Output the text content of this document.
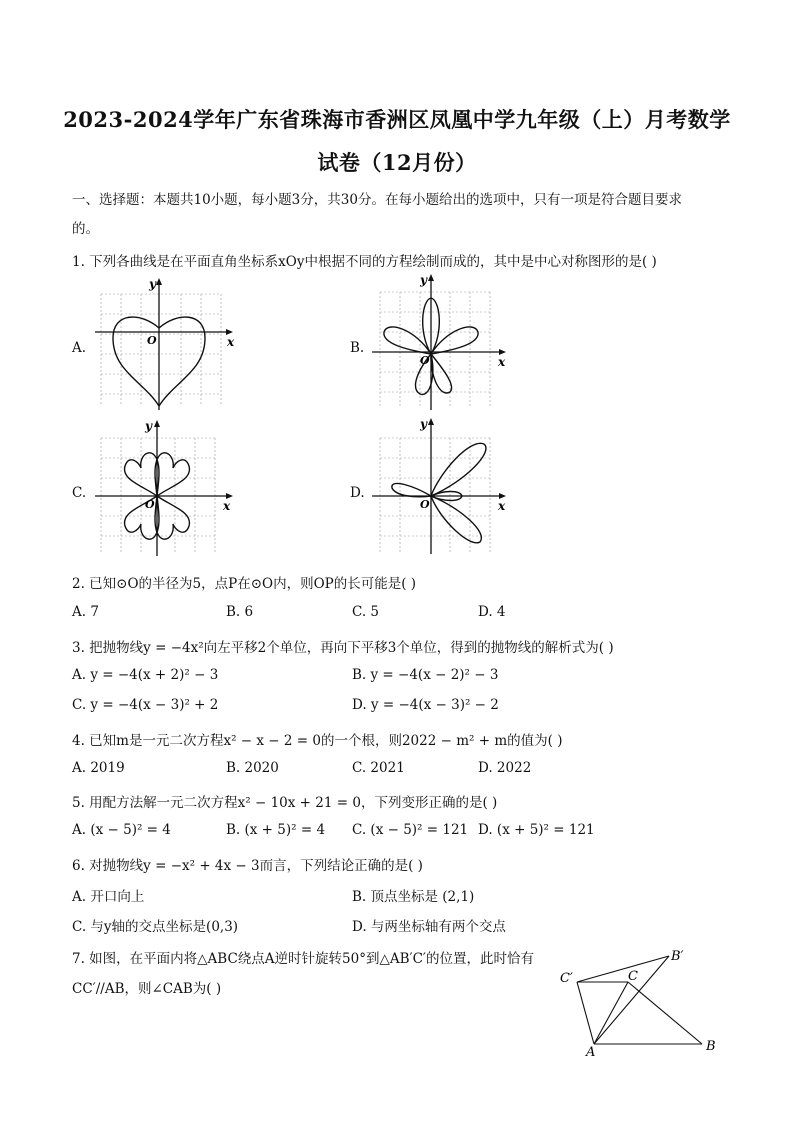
2023-2024学年广东省珠海市香洲区凤凰中学九年级（上）月考数学
试卷（12月份）
一、选择题：本题共10小题，每小题3分，共30分。在每小题给出的选项中，只有一项是符合题目要求
的。
1. 下列各曲线是在平面直角坐标系xOy中根据不同的方程绘制而成的，其中是中心对称图形的是( )
A.
y
x
O	B.
y
x
O
C.
y
x
O
D.
y
x
O
2. 已知⊙O的半径为5，点P在⊙O内，则OP的长可能是( )
A. 7	B. 6	C. 5	D. 4
3. 把抛物线y = −4x²向左平移2个单位，再向下平移3个单位，得到的抛物线的解析式为( )
A. y = −4(x + 2)² − 3	B. y = −4(x − 2)² − 3
C. y = −4(x − 3)² + 2	D. y = −4(x − 3)² − 2
4. 已知m是一元二次方程x² − x − 2 = 0的一个根，则2022 − m² + m的值为( )
A. 2019	B. 2020	C. 2021	D. 2022
5. 用配方法解一元二次方程x² − 10x + 21 = 0，下列变形正确的是( )
A. (x − 5)² = 4	B. (x + 5)² = 4 C. (x − 5)² = 121 D. (x + 5)² = 121
6. 对抛物线y = −x² + 4x − 3而言，下列结论正确的是( )
A. 开口向上	B. 顶点坐标是 (2,1)
C. 与y轴的交点坐标是(0,3)	D. 与两坐标轴有两个交点
7. 如图，在平面内将△ABC绕点A逆时针旋转50°到△AB′C′的位置，此时恰有
CC′//AB，则∠CAB为( )
A	B
C
B′
C′
